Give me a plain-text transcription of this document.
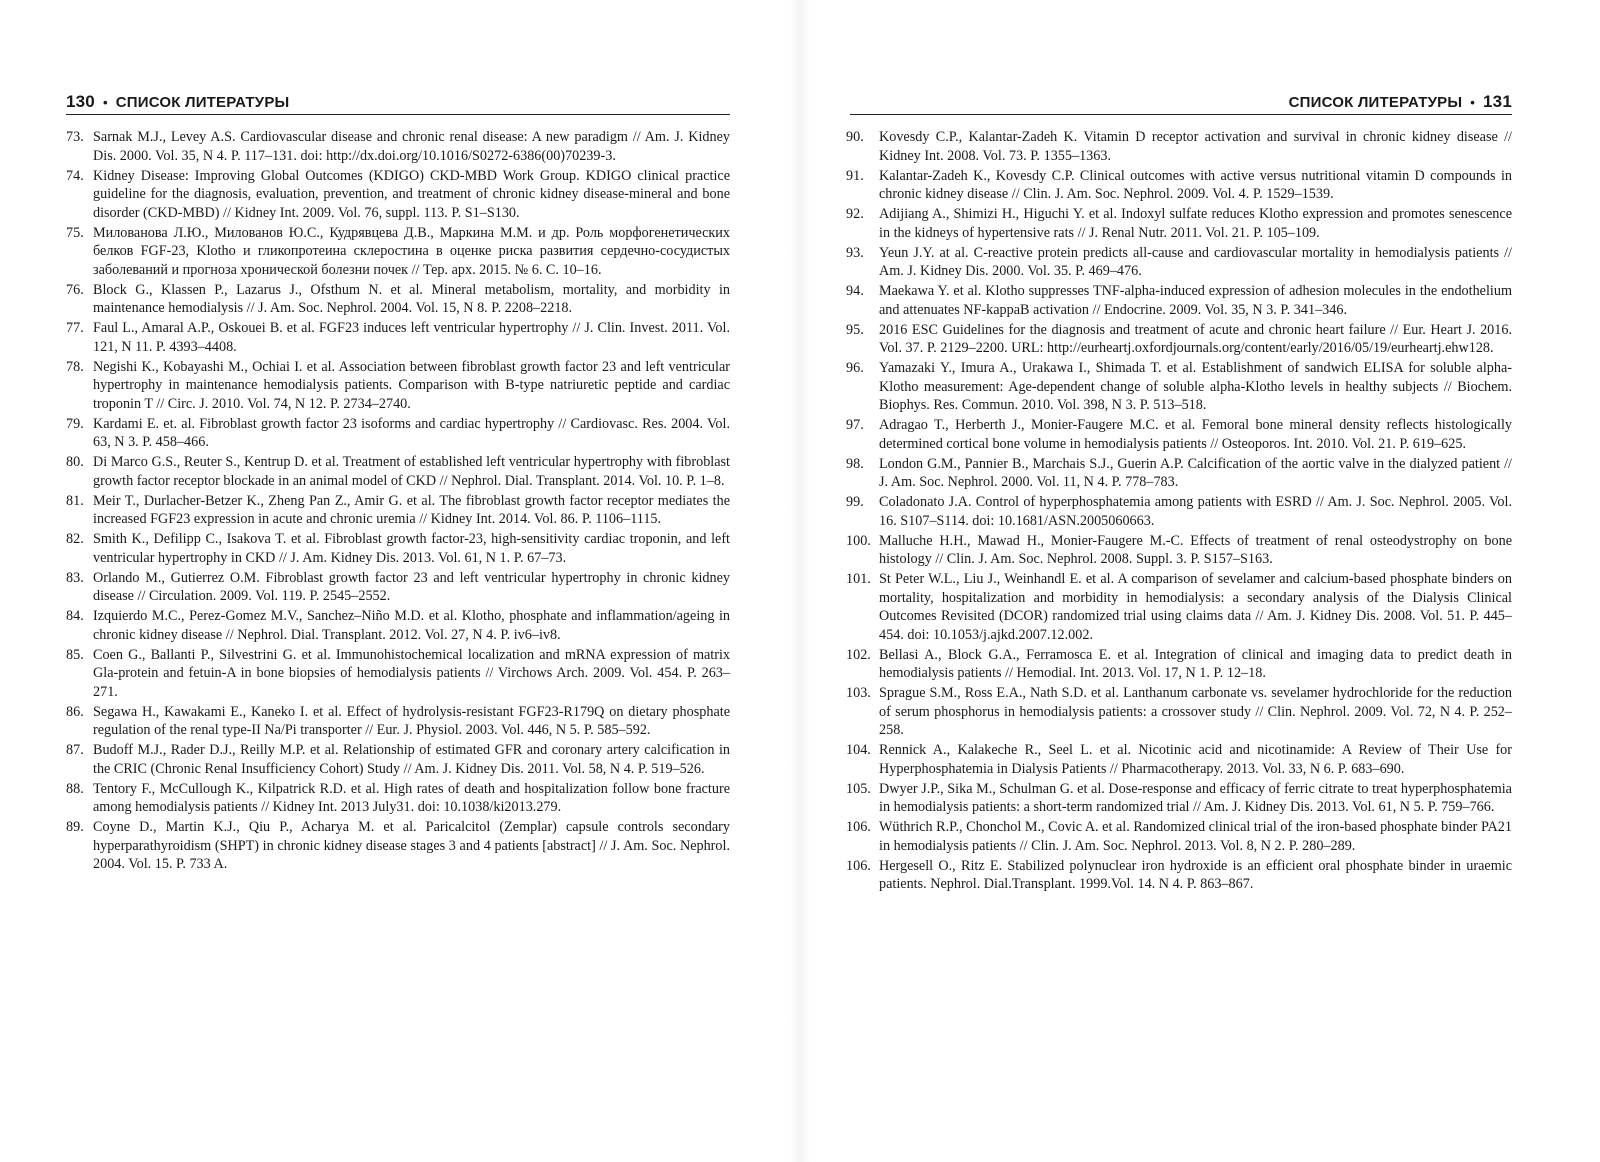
130 • СПИСОК ЛИТЕРАТУРЫ
73. Sarnak M.J., Levey A.S. Cardiovascular disease and chronic renal disease: A new paradigm // Am. J. Kidney Dis. 2000. Vol. 35, N 4. P. 117–131. doi: http://dx.doi.org/10.1016/S0272-6386(00)70239-3.
74. Kidney Disease: Improving Global Outcomes (KDIGO) CKD-MBD Work Group. KDIGO clinical practice guideline for the diagnosis, evaluation, prevention, and treatment of chronic kidney disease-mineral and bone disorder (CKD-MBD) // Kidney Int. 2009. Vol. 76, suppl. 113. P. S1–S130.
75. Милованова Л.Ю., Милованов Ю.С., Кудрявцева Д.В., Маркина М.М. и др. Роль морфогенетических белков FGF-23, Klotho и гликопротеина склеростина в оценке риска развития сердечно-сосудистых заболеваний и прогноза хронической болезни почек // Тер. арх. 2015. № 6. С. 10–16.
76. Block G., Klassen P., Lazarus J., Ofsthum N. et al. Mineral metabolism, mortality, and morbidity in maintenance hemodialysis // J. Am. Soc. Nephrol. 2004. Vol. 15, N 8. P. 2208–2218.
77. Faul L., Amaral A.P., Oskouei B. et al. FGF23 induces left ventricular hypertrophy // J. Clin. Invest. 2011. Vol. 121, N 11. P. 4393–4408.
78. Negishi K., Kobayashi M., Ochiai I. et al. Association between fibroblast growth factor 23 and left ventricular hypertrophy in maintenance hemodialysis patients. Comparison with B-type natriuretic peptide and cardiac troponin T // Circ. J. 2010. Vol. 74, N 12. P. 2734–2740.
79. Kardami E. et. al. Fibroblast growth factor 23 isoforms and cardiac hypertrophy // Cardiovasc. Res. 2004. Vol. 63, N 3. P. 458–466.
80. Di Marco G.S., Reuter S., Kentrup D. et al. Treatment of established left ventricular hypertrophy with fibroblast growth factor receptor blockade in an animal model of CKD // Nephrol. Dial. Transplant. 2014. Vol. 10. P. 1–8.
81. Meir T., Durlacher-Betzer K., Zheng Pan Z., Amir G. et al. The fibroblast growth factor receptor mediates the increased FGF23 expression in acute and chronic uremia // Kidney Int. 2014. Vol. 86. P. 1106–1115.
82. Smith K., Defilipp C., Isakova T. et al. Fibroblast growth factor-23, high-sensitivity cardiac troponin, and left ventricular hypertrophy in CKD // J. Am. Kidney Dis. 2013. Vol. 61, N 1. P. 67–73.
83. Orlando M., Gutierrez O.M. Fibroblast growth factor 23 and left ventricular hypertrophy in chronic kidney disease // Circulation. 2009. Vol. 119. P. 2545–2552.
84. Izquierdo M.C., Perez-Gomez M.V., Sanchez–Niño M.D. et al. Klotho, phosphate and inflammation/ageing in chronic kidney disease // Nephrol. Dial. Transplant. 2012. Vol. 27, N 4. P. iv6–iv8.
85. Coen G., Ballanti P., Silvestrini G. et al. Immunohistochemical localization and mRNA expression of matrix Gla-protein and fetuin-A in bone biopsies of hemodialysis patients // Virchows Arch. 2009. Vol. 454. P. 263–271.
86. Segawa H., Kawakami E., Kaneko I. et al. Effect of hydrolysis-resistant FGF23-R179Q on dietary phosphate regulation of the renal type-II Na/Pi transporter // Eur. J. Physiol. 2003. Vol. 446, N 5. P. 585–592.
87. Budoff M.J., Rader D.J., Reilly M.P. et al. Relationship of estimated GFR and coronary artery calcification in the CRIC (Chronic Renal Insufficiency Cohort) Study // Am. J. Kidney Dis. 2011. Vol. 58, N 4. P. 519–526.
88. Tentory F., McCullough K., Kilpatrick R.D. et al. High rates of death and hospitalization follow bone fracture among hemodialysis patients // Kidney Int. 2013 July31. doi: 10.1038/ki2013.279.
89. Coyne D., Martin K.J., Qiu P., Acharya M. et al. Paricalcitol (Zemplar) capsule controls secondary hyperparathyroidism (SHPT) in chronic kidney disease stages 3 and 4 patients [abstract] // J. Am. Soc. Nephrol. 2004. Vol. 15. P. 733 A.
СПИСОК ЛИТЕРАТУРЫ • 131
90.	Kovesdy C.P., Kalantar-Zadeh K. Vitamin D receptor activation and survival in chronic kidney disease // Kidney Int. 2008. Vol. 73. P. 1355–1363.
91.	Kalantar-Zadeh K., Kovesdy C.P. Clinical outcomes with active versus nutritional vitamin D compounds in chronic kidney disease // Clin. J. Am. Soc. Nephrol. 2009. Vol. 4. P. 1529–1539.
92.	Adijiang A., Shimizi H., Higuchi Y. et al. Indoxyl sulfate reduces Klotho expression and promotes senescence in the kidneys of hypertensive rats // J. Renal Nutr. 2011. Vol. 21. P. 105–109.
93.	Yeun J.Y. at al. C-reactive protein predicts all-cause and cardiovascular mortality in hemodialysis patients // Am. J. Kidney Dis. 2000. Vol. 35. P. 469–476.
94.	Maekawa Y. et al. Klotho suppresses TNF-alpha-induced expression of adhesion molecules in the endothelium and attenuates NF-kappaB activation // Endocrine. 2009. Vol. 35, N 3. P. 341–346.
95.	2016 ESC Guidelines for the diagnosis and treatment of acute and chronic heart failure // Eur. Heart J. 2016. Vol. 37. P. 2129–2200. URL: http://eurheartj.oxfordjournals.org/content/early/2016/05/19/eurheartj.ehw128.
96.	Yamazaki Y., Imura A., Urakawa I., Shimada T. et al. Establishment of sandwich ELISA for soluble alpha-Klotho measurement: Age-dependent change of soluble alpha-Klotho levels in healthy subjects // Biochem. Biophys. Res. Commun. 2010. Vol. 398, N 3. P. 513–518.
97.	Adragao T., Herberth J., Monier-Faugere M.C. et al. Femoral bone mineral density reflects histologically determined cortical bone volume in hemodialysis patients // Osteoporos. Int. 2010. Vol. 21. P. 619–625.
98.	London G.M., Pannier B., Marchais S.J., Guerin A.P. Calcification of the aortic valve in the dialyzed patient // J. Am. Soc. Nephrol. 2000. Vol. 11, N 4. P. 778–783.
99.	Coladonato J.A. Control of hyperphosphatemia among patients with ESRD // Am. J. Soc. Nephrol. 2005. Vol. 16. S107–S114. doi: 10.1681/ASN.2005060663.
100. Malluche H.H., Mawad H., Monier-Faugere M.-C. Effects of treatment of renal osteodystrophy on bone histology // Clin. J. Am. Soc. Nephrol. 2008. Suppl. 3. P. S157–S163.
101. St Peter W.L., Liu J., Weinhandl E. et al. A comparison of sevelamer and calcium-based phosphate binders on mortality, hospitalization and morbidity in hemodialysis: a secondary analysis of the Dialysis Clinical Outcomes Revisited (DCOR) randomized trial using claims data // Am. J. Kidney Dis. 2008. Vol. 51. P. 445–454. doi: 10.1053/j.ajkd.2007.12.002.
102. Bellasi A., Block G.A., Ferramosca E. et al. Integration of clinical and imaging data to predict death in hemodialysis patients // Hemodial. Int. 2013. Vol. 17, N 1. P. 12–18.
103. Sprague S.M., Ross E.A., Nath S.D. et al. Lanthanum carbonate vs. sevelamer hydrochloride for the reduction of serum phosphorus in hemodialysis patients: a crossover study // Clin. Nephrol. 2009. Vol. 72, N 4. P. 252–258.
104. Rennick A., Kalakeche R., Seel L. et al. Nicotinic acid and nicotinamide: A Review of Their Use for Hyperphosphatemia in Dialysis Patients // Pharmacotherapy. 2013. Vol. 33, N 6. P. 683–690.
105. Dwyer J.P., Sika M., Schulman G. et al. Dose-response and efficacy of ferric citrate to treat hyperphosphatemia in hemodialysis patients: a short-term randomized trial // Am. J. Kidney Dis. 2013. Vol. 61, N 5. P. 759–766.
106. Wüthrich R.P., Chonchol M., Covic A. et al. Randomized clinical trial of the iron-based phosphate binder PA21 in hemodialysis patients // Clin. J. Am. Soc. Nephrol. 2013. Vol. 8, N 2. P. 280–289.
106. Hergesell O., Ritz E. Stabilized polynuclear iron hydroxide is an efficient oral phosphate binder in uraemic patients. Nephrol. Dial.Transplant. 1999.Vol. 14. N 4. P. 863–867.
